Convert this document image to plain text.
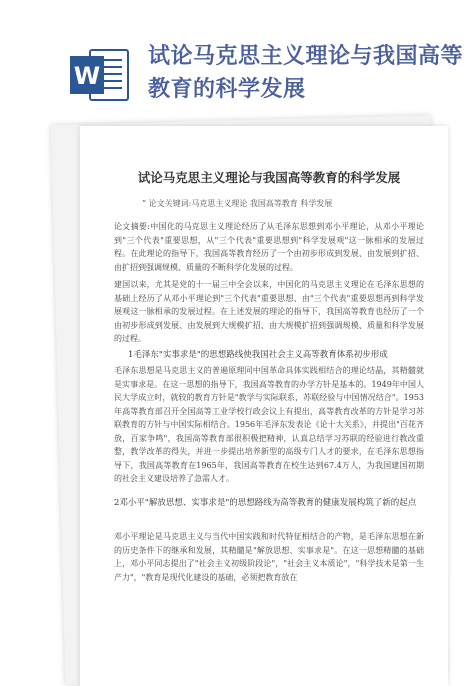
W
试论马克思主义理论与我国高等教育的科学发展
试论马克思主义理论与我国高等教育的科学发展
” 论文关键词:马克思主义理论 我国高等教育 科学发展
论文摘要:中国化的马克思主义理论经历了从毛泽东思想到邓小平理论，从邓小平理论到"三个代表"重要思想，从"三个代表"重要思想到"科学发展观"这一脉相承的发展过程。在此理论的指导下，我国高等教育经历了一个由初步形成到发展、由发展到扩招、由扩招到强调规模、质量的不断科学化发展的过程。
建国以来，尤其是党的十一届三中全会以来，中国化的马克思主义理论在毛泽东思想的基础上经历了从邓小平理论到"三个代表"重要思想、由"三个代表"重要思想再到科学发展观这一脉相承的发展过程。在上述发展的理论的指导下，我国高等教育也经历了一个由初步形成到发展、由发展到大规模扩招、由大规模扩招到强调规模、质量和科学发展的过程。
1毛泽东"实事求是"的思想路线使我国社会主义高等教育体系初步形成
毛泽东思想是马克思主义的普遍原理同中国革命具体实践相结合的理论结晶，其精髓就是实事求是。在这一思想的指导下，我国高等教育的办学方针是基本的。1949年中国人民大学成立时，就较的教育方针是"教学与实际联系，苏联经验与中国情况结合"。1953年高等教育部召开全国高等工业学校行政会议上有提出，高等教育改革的方针是学习苏联教育的方针与中国实际相结合。1956年毛泽东发表论《论十大关系》，并提出"百花齐放，百家争鸣"，我国高等教育部很积极把精神，认真总结学习苏联的经验进行教改重整，教学改革的得失，并进一步提出培养新型的高级专门人才的要求，在毛泽东思想指导下，我国高等教育在1965年，我国高等教育在校生达到67.4万人，为我国建国初期的社会主义建设培养了急需人才。
2邓小平"解放思想、实事求是"的思想路线为高等教育的健康发展构筑了新的起点
邓小平理论是马克思主义与当代中国实践和时代特征相结合的产物，是毛泽东思想在新的历史条件下的继承和发展，其精髓是"解放思想、实事求是"。在这一思想精髓的基础上，邓小平同志提出了"社会主义初级阶段论"，"社会主义本质论"，"科学技术是第一生产力"，"教育是现代化建设的基础，必须把教育放在
